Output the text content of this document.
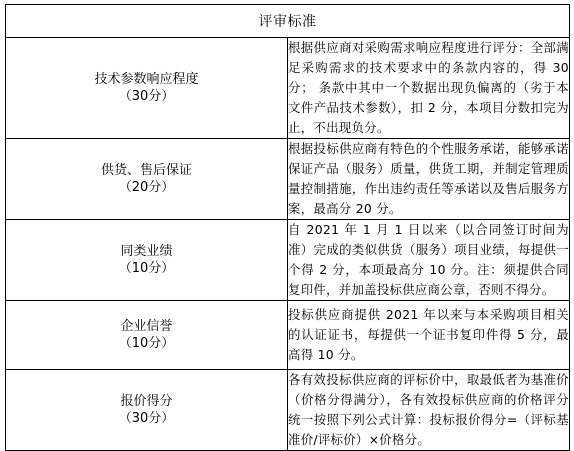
评审标准	

技术参数响应程度
（30分）	根据供应商对采购需求响应程度进行评分：全部满足采购需求的技术要求中的条款内容的，得 30 分； 条款中其中一个数据出现负偏离的（劣于本文件产品技术参数），扣 2 分，本项目分数扣完为止，不出现负分。

供货、售后保证
（20分）	根据投标供应商有特色的个性服务承诺，能够承诺保证产品（服务）质量，供货工期，并制定管理质量控制措施，作出违约责任等承诺以及售后服务方案，最高分 20 分。

同类业绩
（10分）	自 2021 年 1 月 1 日以来（以合同签订时间为准）完成的类似供货（服务）项目业绩，每提供一个得 2 分，本项最高分 10 分。注：须提供合同复印件，并加盖投标供应商公章，否则不得分。

企业信誉
（10分）	投标供应商提供 2021 年以来与本采购项目相关的认证证书，每提供一个证书复印件得 5 分，最高得 10 分。

报价得分
（30分）	各有效投标供应商的评标价中，取最低者为基准价（价格分得满分），各有效投标供应商的价格评分统一按照下列公式计算：投标报价得分=（评标基准价/评标价）×价格分。
